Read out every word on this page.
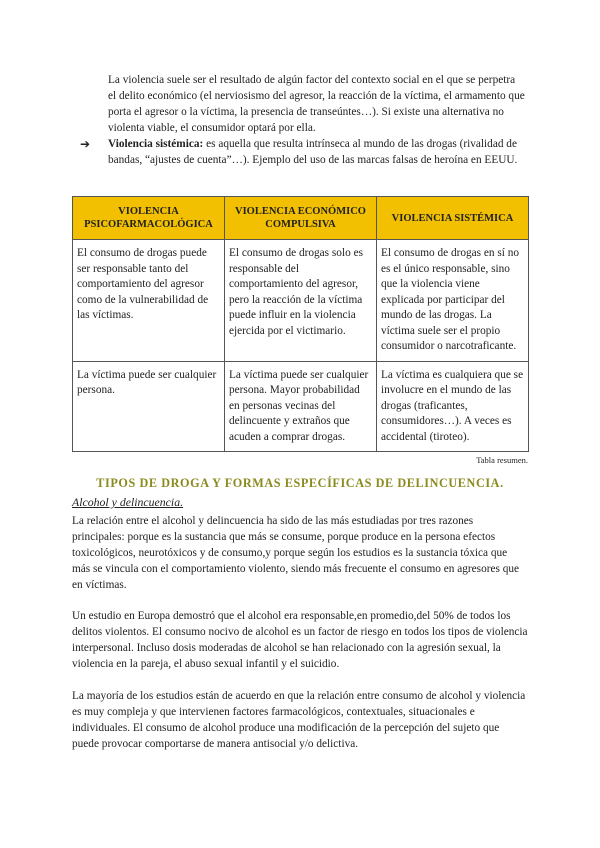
La violencia suele ser el resultado de algún factor del contexto social en el que se perpetra el delito económico (el nerviosismo del agresor, la reacción de la víctima, el armamento que porta el agresor o la víctima, la presencia de transeúntes…). Si existe una alternativa no violenta viable, el consumidor optará por ella.

➔	Violencia sistémica: es aquella que resulta intrínseca al mundo de las drogas (rivalidad de bandas, “ajustes de cuenta”…). Ejemplo del uso de las marcas falsas de heroína en EEUU.

VIOLENCIA PSICOFARMACOLÓGICA	VIOLENCIA ECONÓMICO COMPULSIVA	VIOLENCIA SISTÉMICA
El consumo de drogas puede ser responsable tanto del comportamiento del agresor como de la vulnerabilidad de las víctimas.	El consumo de drogas solo es responsable del comportamiento del agresor, pero la reacción de la víctima puede influir en la violencia ejercida por el victimario.	El consumo de drogas en sí no es el único responsable, sino que la violencia viene explicada por participar del mundo de las drogas. La víctima suele ser el propio consumidor o narcotraficante.
La víctima puede ser cualquier persona.	La víctima puede ser cualquier persona. Mayor probabilidad en personas vecinas del delincuente y extraños que acuden a comprar drogas.	La víctima es cualquiera que se involucre en el mundo de las drogas (traficantes, consumidores…). A veces es accidental (tiroteo).
Tabla resumen.
TIPOS DE DROGA Y FORMAS ESPECÍFICAS DE DELINCUENCIA.
Alcohol y delincuencia.

La relación entre el alcohol y delincuencia ha sido de las más estudiadas por tres razones principales: porque es la sustancia que más se consume, porque produce en la persona efectos toxicológicos, neurotóxicos y de consumo,y porque según los estudios es la sustancia tóxica que más se vincula con el comportamiento violento, siendo más frecuente el consumo en agresores que en víctimas.

Un estudio en Europa demostró que el alcohol era responsable,en promedio,del 50% de todos los delitos violentos. El consumo nocivo de alcohol es un factor de riesgo en todos los tipos de violencia interpersonal. Incluso dosis moderadas de alcohol se han relacionado con la agresión sexual, la violencia en la pareja, el abuso sexual infantil y el suicidio.

La mayoría de los estudios están de acuerdo en que la relación entre consumo de alcohol y violencia es muy compleja y que intervienen factores farmacológicos, contextuales, situacionales e individuales. El consumo de alcohol produce una modificación de la percepción del sujeto que puede provocar comportarse de manera antisocial y/o delictiva.
